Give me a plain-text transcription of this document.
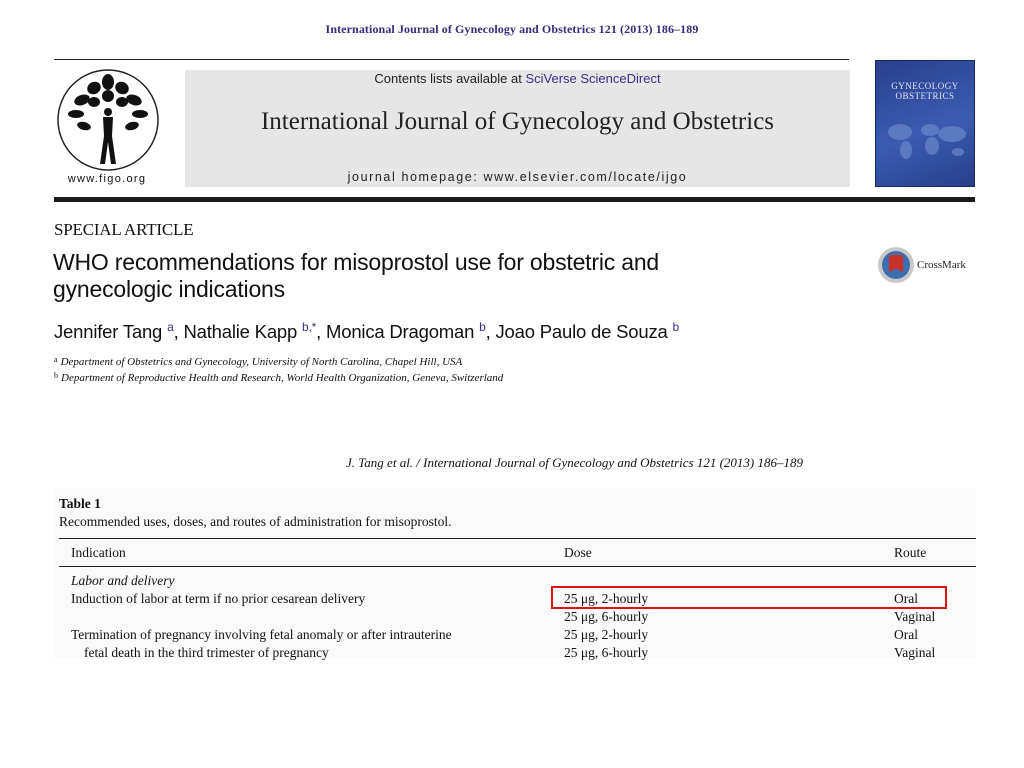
International Journal of Gynecology and Obstetrics 121 (2013) 186–189
www.figo.org
Contents lists available at SciVerse ScienceDirect
International Journal of Gynecology and Obstetrics
journal homepage: www.elsevier.com/locate/ijgo
GYNECOLOGY
OBSTETRICS
SPECIAL ARTICLE
WHO recommendations for misoprostol use for obstetric and
gynecologic indications
CrossMark
Jennifer Tang $^a$, Nathalie Kapp $^{b,*}$, Monica Dragoman $^b$, Joao Paulo de Souza $^b$
$^a$ Department of Obstetrics and Gynecology, University of North Carolina, Chapel Hill, USA
$^b$ Department of Reproductive Health and Research, World Health Organization, Geneva, Switzerland
J. Tang et al. / International Journal of Gynecology and Obstetrics 121 (2013) 186–189
Table 1
Recommended uses, doses, and routes of administration for misoprostol.
Indication	Dose	Route
Labor and delivery
Induction of labor at term if no prior cesarean delivery	25 μg, 2-hourly	Oral
25 μg, 6-hourly	Vaginal
Termination of pregnancy involving fetal anomaly or after intrauterine	25 μg, 2-hourly	Oral
fetal death in the third trimester of pregnancy	25 μg, 6-hourly	Vaginal
